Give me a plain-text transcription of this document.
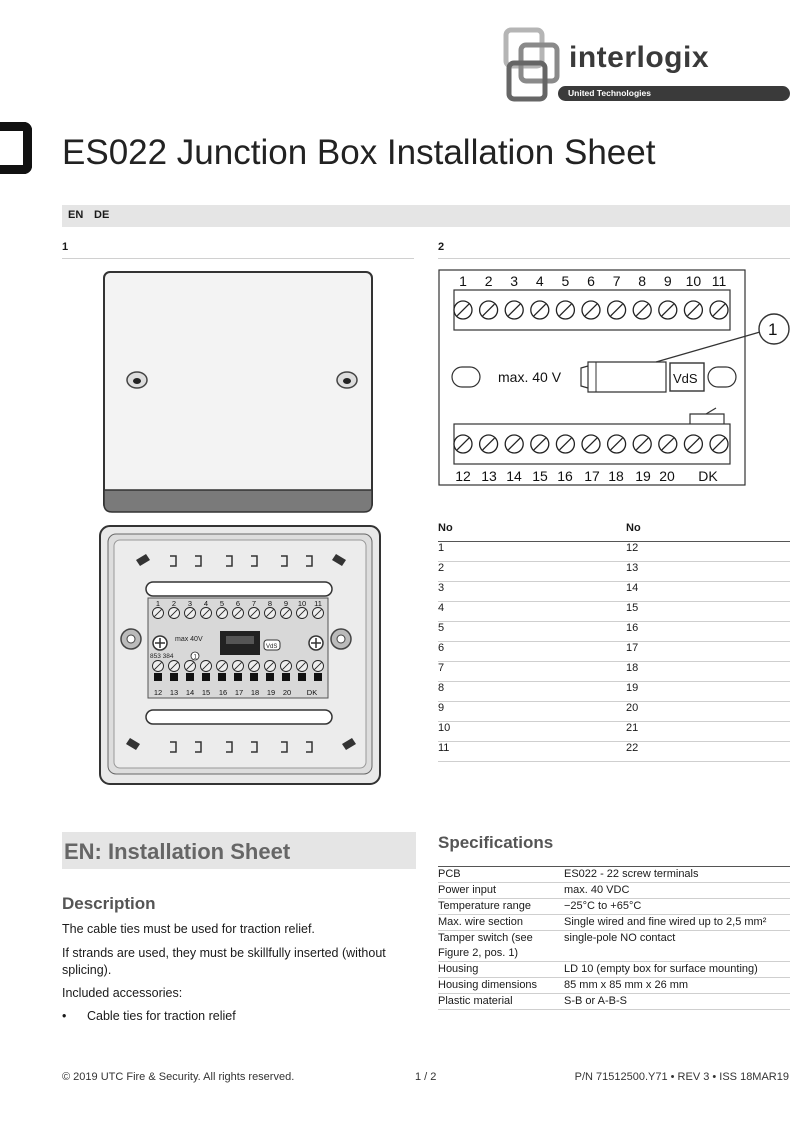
interlogix
United Technologies
ES022 Junction Box Installation Sheet
EN DE
1	2
VdS
max 40V
853 384	1
1 2 3 4 5 6 7 8 9 10 11
12 13 14 15 16 17 18 19 20 DK
1 2 3 4 5 6 7 8 9 10 11
12 13 14 15 16 17 18 19 20 DK
max. 40 V	VdS
1
No	No
1	12
2	13
3	14
4	15
5	16
6	17
7	18
8	19
9	20
10	21
11	22
EN: Installation Sheet
Description
The cable ties must be used for traction relief.
If strands are used, they must be skillfully inserted (without splicing).
Included accessories:
• Cable ties for traction relief
Specifications
PCB	ES022 - 22 screw terminals
Power input	max. 40 VDC
Temperature range	−25°C to +65°C
Max. wire section	Single wired and fine wired up to 2,5 mm²
Tamper switch (see Figure 2, pos. 1)	single-pole NO contact
Housing	LD 10 (empty box for surface mounting)
Housing dimensions	85 mm x 85 mm x 26 mm
Plastic material	S-B or A-B-S
© 2019 UTC Fire & Security. All rights reserved.	1 / 2	P/N 71512500.Y71 • REV 3 • ISS 18MAR19
